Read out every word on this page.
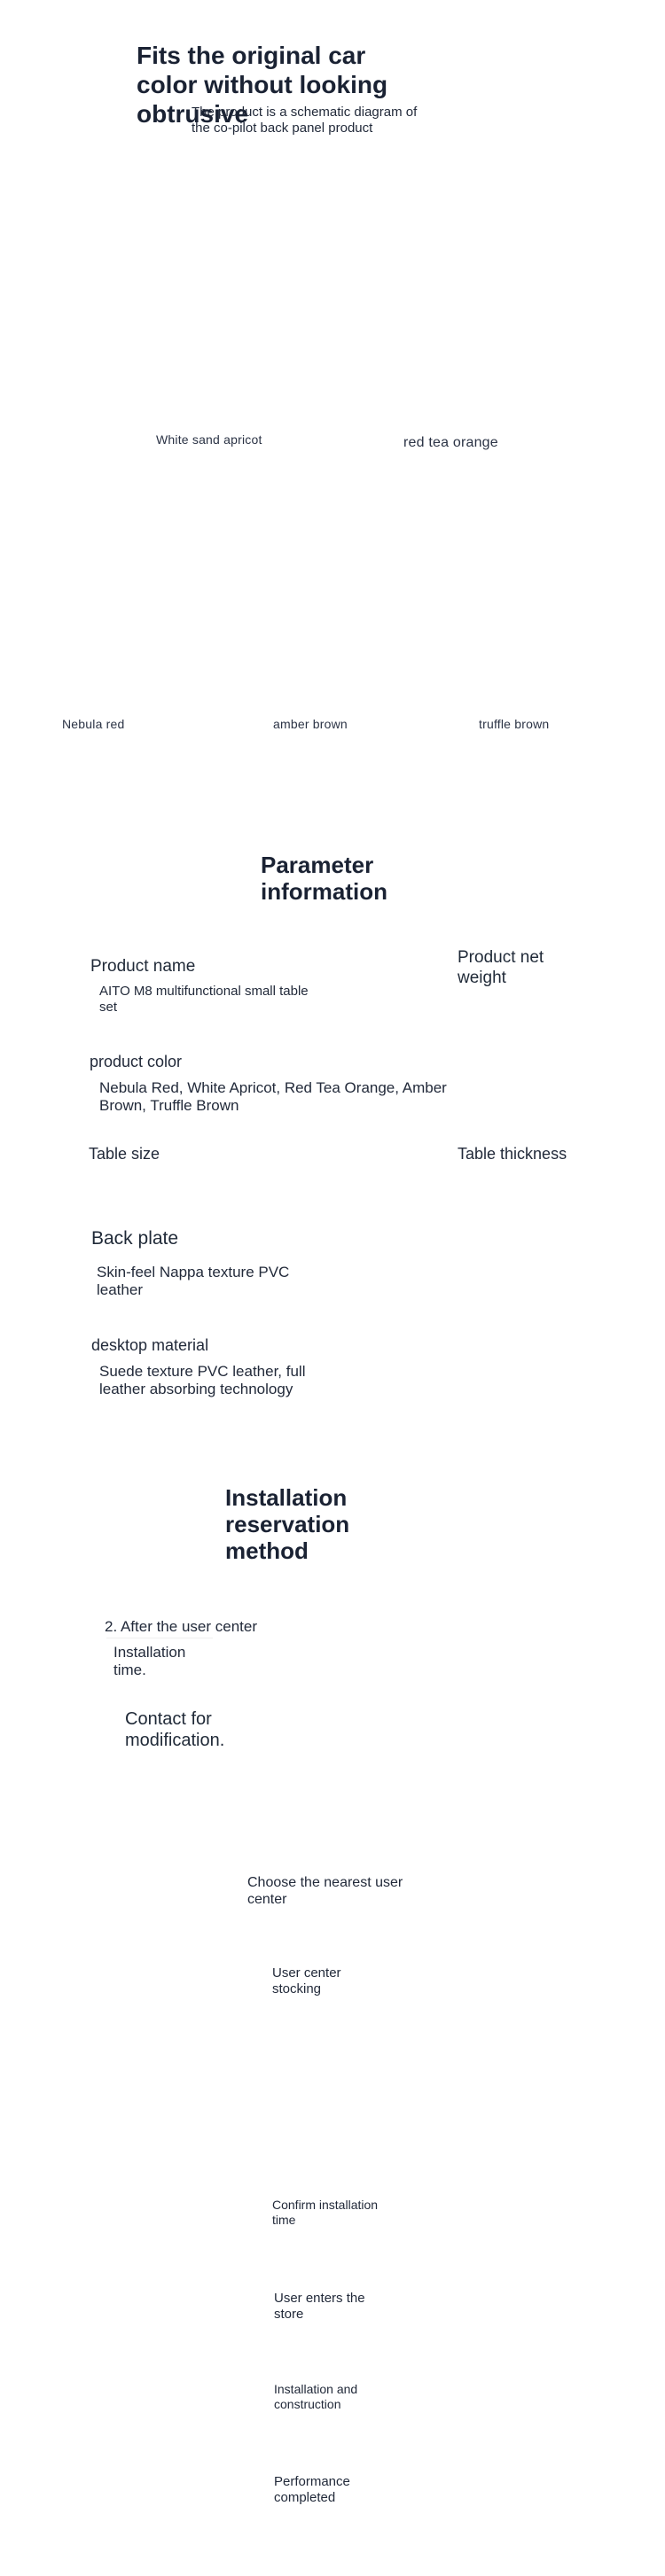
Fits the original car color without looking obtrusive

The product is a schematic diagram of the co-pilot back panel product

White sand apricot	red tea orange
Nebula red	amber brown	truffle brown
Parameter information
Product name
AITO M8 multifunctional small table set
Product net weight
product color
Nebula Red, White Apricot, Red Tea Orange, Amber Brown, Truffle Brown
Table size	Table thickness
Back plate
Skin-feel Nappa texture PVC leather
desktop material
Suede texture PVC leather, full leather absorbing technology
Installation reservation method
2. After the user center
Installation time.
Contact for modification.
Choose the nearest user center
User center stocking
Confirm installation time
User enters the store
Installation and construction
Performance completed
